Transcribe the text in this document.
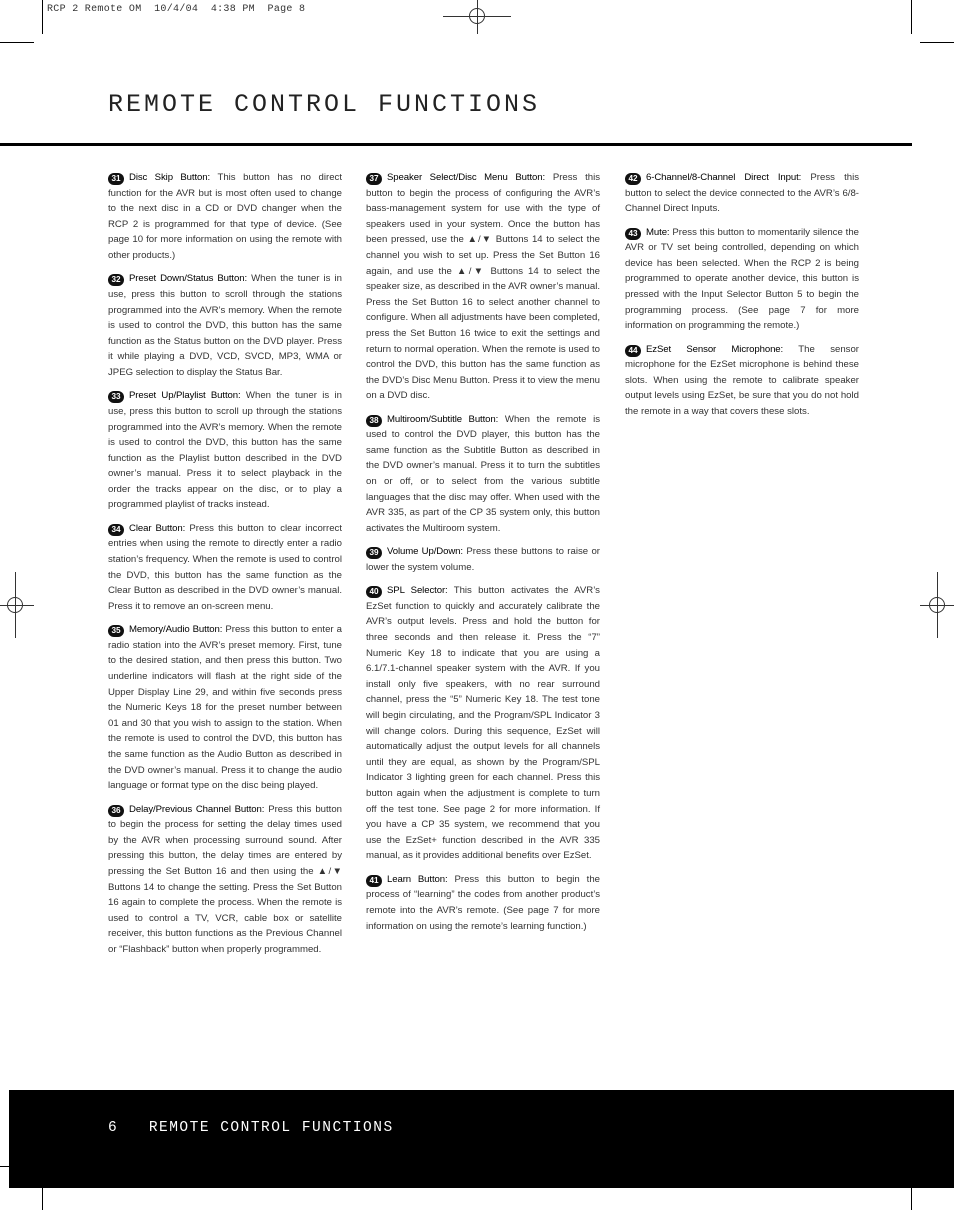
RCP 2 Remote OM  10/4/04  4:38 PM  Page 8
REMOTE CONTROL FUNCTIONS

31 Disc Skip Button: This button has no direct function for the AVR but is most often used to change to the next disc in a CD or DVD changer when the RCP 2 is programmed for that type of device. (See page 10 for more information on using the remote with other products.)

32 Preset Down/Status Button: When the tuner is in use, press this button to scroll through the stations programmed into the AVR’s memory. When the remote is used to control the DVD, this button has the same function as the Status button on the DVD player. Press it while playing a DVD, VCD, SVCD, MP3, WMA or JPEG selection to display the Status Bar.

33 Preset Up/Playlist Button: When the tuner is in use, press this button to scroll up through the stations programmed into the AVR’s memory. When the remote is used to control the DVD, this button has the same function as the Playlist button described in the DVD owner’s manual. Press it to select playback in the order the tracks appear on the disc, or to play a programmed playlist of tracks instead.

34 Clear Button: Press this button to clear incorrect entries when using the remote to directly enter a radio station’s frequency. When the remote is used to control the DVD, this button has the same function as the Clear Button as described in the DVD owner’s manual. Press it to remove an on-screen menu.

35 Memory/Audio Button: Press this button to enter a radio station into the AVR’s preset memory. First, tune to the desired station, and then press this button. Two underline indicators will flash at the right side of the Upper Display Line 29, and within five seconds press the Numeric Keys 18 for the preset number between 01 and 30 that you wish to assign to the station. When the remote is used to control the DVD, this button has the same function as the Audio Button as described in the DVD owner’s manual. Press it to change the audio language or format type on the disc being played.

36 Delay/Previous Channel Button: Press this button to begin the process for setting the delay times used by the AVR when processing surround sound. After pressing this button, the delay times are entered by pressing the Set Button 16 and then using the ▲/▼ Buttons 14 to change the setting. Press the Set Button 16 again to complete the process. When the remote is used to control a TV, VCR, cable box or satellite receiver, this button functions as the Previous Channel or “Flashback” button when properly programmed.

37 Speaker Select/Disc Menu Button: Press this button to begin the process of configuring the AVR’s bass-management system for use with the type of speakers used in your system. Once the button has been pressed, use the ▲/▼ Buttons 14 to select the channel you wish to set up. Press the Set Button 16 again, and use the ▲/▼ Buttons 14 to select the speaker size, as described in the AVR owner’s manual. Press the Set Button 16 to select another channel to configure. When all adjustments have been completed, press the Set Button 16 twice to exit the settings and return to normal operation. When the remote is used to control the DVD, this button has the same function as the DVD’s Disc Menu Button. Press it to view the menu on a DVD disc.

38 Multiroom/Subtitle Button: When the remote is used to control the DVD player, this button has the same function as the Subtitle Button as described in the DVD owner’s manual. Press it to turn the subtitles on or off, or to select from the various subtitle languages that the disc may offer. When used with the AVR 335, as part of the CP 35 system only, this button activates the Multiroom system.

39 Volume Up/Down: Press these buttons to raise or lower the system volume.

40 SPL Selector: This button activates the AVR’s EzSet function to quickly and accurately calibrate the AVR’s output levels. Press and hold the button for three seconds and then release it. Press the “7” Numeric Key 18 to indicate that you are using a 6.1/7.1-channel speaker system with the AVR. If you install only five speakers, with no rear surround channel, press the “5” Numeric Key 18. The test tone will begin circulating, and the Program/SPL Indicator 3 will change colors. During this sequence, EzSet will automatically adjust the output levels for all channels until they are equal, as shown by the Program/SPL Indicator 3 lighting green for each channel. Press this button again when the adjustment is complete to turn off the test tone. See page 2 for more information. If you have a CP 35 system, we recommend that you use the EzSet+ function described in the AVR 335 manual, as it provides additional benefits over EzSet.

41 Learn Button: Press this button to begin the process of “learning” the codes from another product’s remote into the AVR’s remote. (See page 7 for more information on using the remote’s learning function.)

42 6-Channel/8-Channel Direct Input: Press this button to select the device connected to the AVR’s 6/8-Channel Direct Inputs.

43 Mute: Press this button to momentarily silence the AVR or TV set being controlled, depending on which device has been selected. When the RCP 2 is being programmed to operate another device, this button is pressed with the Input Selector Button 5 to begin the programming process. (See page 7 for more information on programming the remote.)

44 EzSet Sensor Microphone: The sensor microphone for the EzSet microphone is behind these slots. When using the remote to calibrate speaker output levels using EzSet, be sure that you do not hold the remote in a way that covers these slots.

6 REMOTE CONTROL FUNCTIONS
